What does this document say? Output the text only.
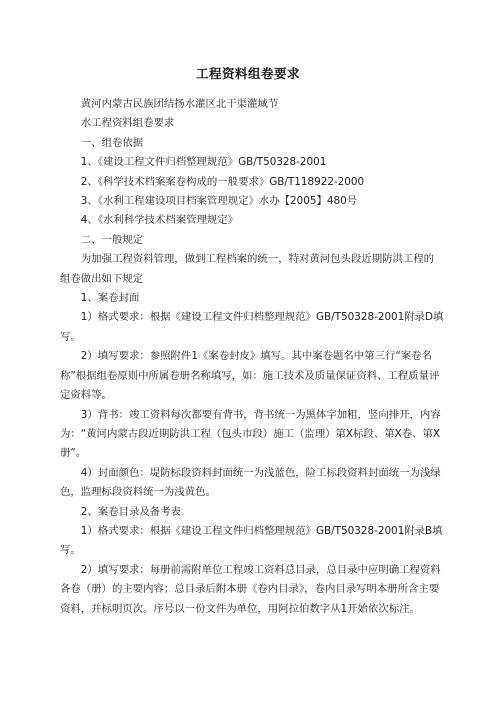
工程资料组卷要求

黄河内蒙古民族团结扬水灌区北干渠灌域节

水工程资料组卷要求

一、组卷依据

1、《建设工程文件归档整理规范》GB/T50328-2001

2、《科学技术档案案卷构成的一般要求》GB/T118922-2000

3、《水利工程建设项目档案管理规定》水办【2005】480号

4、《水利科学技术档案管理规定》

二、一般规定

为加强工程资料管理，做到工程档案的统一，特对黄河包头段近期防洪工程的组卷做出如下规定

1、案卷封面

1）格式要求：根据《建设工程文件归档整理规范》GB/T50328-2001附录D填写。

2）填写要求：参照附件1《案卷封皮》填写。其中案卷题名中第三行“案卷名称”根据组卷原则中所属卷册名称填写，如：施工技术及质量保证资料、工程质量评定资料等。

3）背书：竣工资料每次都要有背书，背书统一为黑体字加粗，竖向排开，内容为：“黄河内蒙古段近期防洪工程（包头市段）施工（监理）第X标段、第X卷、第X册”。

4）封面颜色：堤防标段资料封面统一为浅蓝色，险工标段资料封面统一为浅绿色，监理标段资料统一为浅黄色。

2、案卷目录及备考表

1）格式要求：根据《建设工程文件归档整理规范》GB/T50328-2001附录B填写。

2）填写要求：每册前需附单位工程竣工资料总目录，总目录中应明确工程资料各卷（册）的主要内容；总目录后附本册《卷内目录》，卷内目录写明本册所含主要资料，并标明页次。序号以一份文件为单位，用阿拉伯数字从1开始依次标注。
